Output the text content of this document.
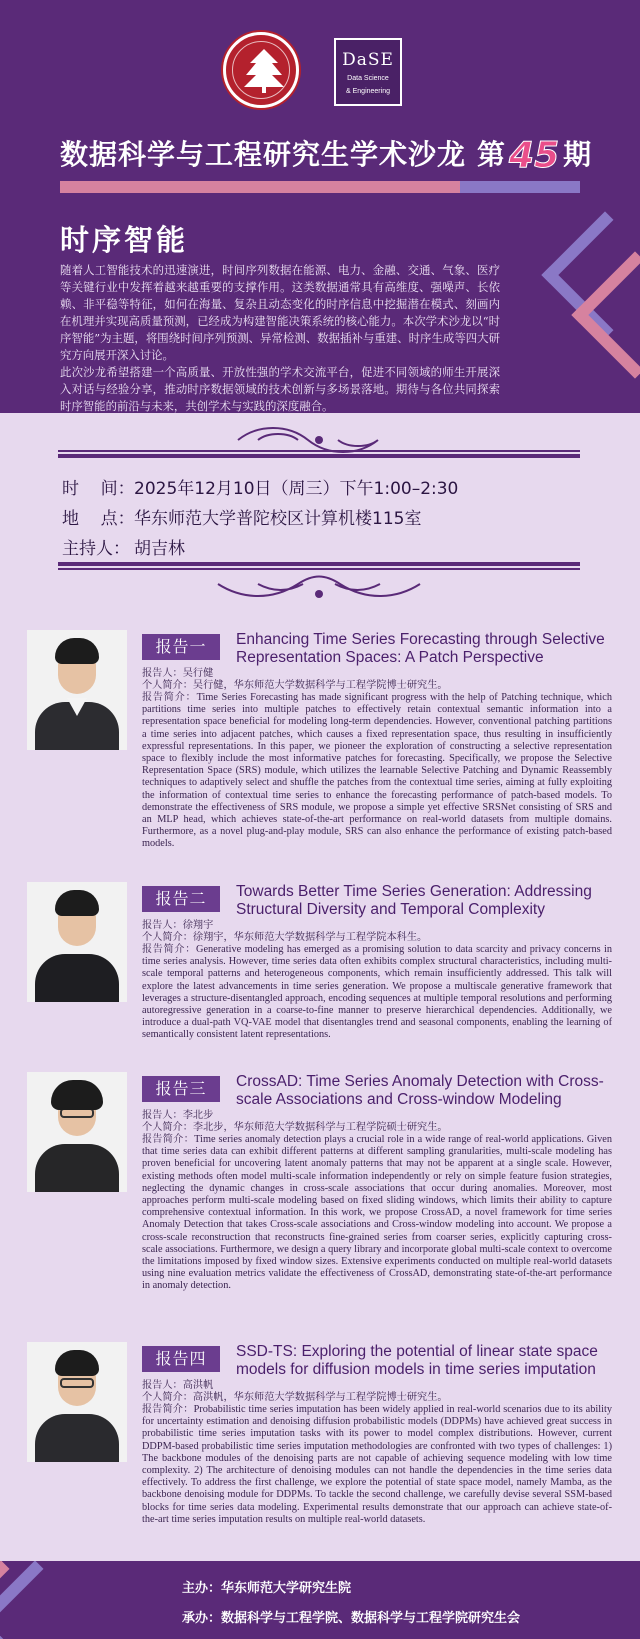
DaSE
Data Science
& Engineering
数据科学与工程研究生学术沙龙 第 45 期
时序智能

随着人工智能技术的迅速演进，时间序列数据在能源、电力、金融、交通、气象、医疗等关键行业中发挥着越来越重要的支撑作用。这类数据通常具有高维度、强噪声、长依赖、非平稳等特征，如何在海量、复杂且动态变化的时序信息中挖掘潜在模式、刻画内在机理并实现高质量预测，已经成为构建智能决策系统的核心能力。本次学术沙龙以“时序智能”为主题，将围绕时间序列预测、异常检测、数据插补与重建、时序生成等四大研究方向展开深入讨论。

此次沙龙希望搭建一个高质量、开放性强的学术交流平台，促进不同领域的师生开展深入对话与经验分享，推动时序数据领域的技术创新与多场景落地。期待与各位共同探索时序智能的前沿与未来，共创学术与实践的深度融合。

时    间：2025年12月10日（周三）下午1:00–2:30
地    点：华东师范大学普陀校区计算机楼115室
主持人： 胡吉林
报告一	Enhancing Time Series Forecasting through Selective Representation Spaces: A Patch Perspective
报告人：吴行健
个人简介：吴行健，华东师范大学数据科学与工程学院博士研究生。
报告简介：Time Series Forecasting has made significant progress with the help of Patching technique, which partitions time series into multiple patches to effectively retain contextual semantic information into a representation space beneficial for modeling long-term dependencies. However, conventional patching partitions a time series into adjacent patches, which causes a fixed representation space, thus resulting in insufficiently expressful representations. In this paper, we pioneer the exploration of constructing a selective representation space to flexibly include the most informative patches for forecasting. Specifically, we propose the Selective Representation Space (SRS) module, which utilizes the learnable Selective Patching and Dynamic Reassembly techniques to adaptively select and shuffle the patches from the contextual time series, aiming at fully exploiting the information of contextual time series to enhance the forecasting performance of patch-based models. To demonstrate the effectiveness of SRS module, we propose a simple yet effective SRSNet consisting of SRS and an MLP head, which achieves state-of-the-art performance on real-world datasets from multiple domains. Furthermore, as a novel plug-and-play module, SRS can also enhance the performance of existing patch-based models.
报告二	Towards Better Time Series Generation: Addressing Structural Diversity and Temporal Complexity
报告人：徐翔宇
个人简介：徐翔宇，华东师范大学数据科学与工程学院本科生。
报告简介：Generative modeling has emerged as a promising solution to data scarcity and privacy concerns in time series analysis. However, time series data often exhibits complex structural characteristics, including multi-scale temporal patterns and heterogeneous components, which remain insufficiently addressed. This talk will explore the latest advancements in time series generation. We propose a multiscale generative framework that leverages a structure-disentangled approach, encoding sequences at multiple temporal resolutions and performing autoregressive generation in a coarse-to-fine manner to preserve hierarchical dependencies. Additionally, we introduce a dual-path VQ-VAE model that disentangles trend and seasonal components, enabling the learning of semantically consistent latent representations.
报告三	CrossAD: Time Series Anomaly Detection with Cross-scale Associations and Cross-window Modeling
报告人：李北步
个人简介：李北步，华东师范大学数据科学与工程学院硕士研究生。
报告简介：Time series anomaly detection plays a crucial role in a wide range of real-world applications. Given that time series data can exhibit different patterns at different sampling granularities, multi-scale modeling has proven beneficial for uncovering latent anomaly patterns that may not be apparent at a single scale. However, existing methods often model multi-scale information independently or rely on simple feature fusion strategies, neglecting the dynamic changes in cross-scale associations that occur during anomalies. Moreover, most approaches perform multi-scale modeling based on fixed sliding windows, which limits their ability to capture comprehensive contextual information. In this work, we propose CrossAD, a novel framework for time series Anomaly Detection that takes Cross-scale associations and Cross-window modeling into account. We propose a cross-scale reconstruction that reconstructs fine-grained series from coarser series, explicitly capturing cross-scale associations. Furthermore, we design a query library and incorporate global multi-scale context to overcome the limitations imposed by fixed window sizes. Extensive experiments conducted on multiple real-world datasets using nine evaluation metrics validate the effectiveness of CrossAD, demonstrating state-of-the-art performance in anomaly detection.
报告四	SSD-TS: Exploring the potential of linear state space models for diffusion models in time series imputation
报告人：高洪帆
个人简介：高洪帆，华东师范大学数据科学与工程学院博士研究生。
报告简介：Probabilistic time series imputation has been widely applied in real-world scenarios due to its ability for uncertainty estimation and denoising diffusion probabilistic models (DDPMs) have achieved great success in probabilistic time series imputation tasks with its power to model complex distributions. However, current DDPM-based probabilistic time series imputation methodologies are confronted with two types of challenges: 1) The backbone modules of the denoising parts are not capable of achieving sequence modeling with low time complexity. 2) The architecture of denoising modules can not handle the dependencies in the time series data effectively. To address the first challenge, we explore the potential of state space model, namely Mamba, as the backbone denoising module for DDPMs. To tackle the second challenge, we carefully devise several SSM-based blocks for time series data modeling. Experimental results demonstrate that our approach can achieve state-of-the-art time series imputation results on multiple real-world datasets.
主办：华东师范大学研究生院
承办：数据科学与工程学院、数据科学与工程学院研究生会
